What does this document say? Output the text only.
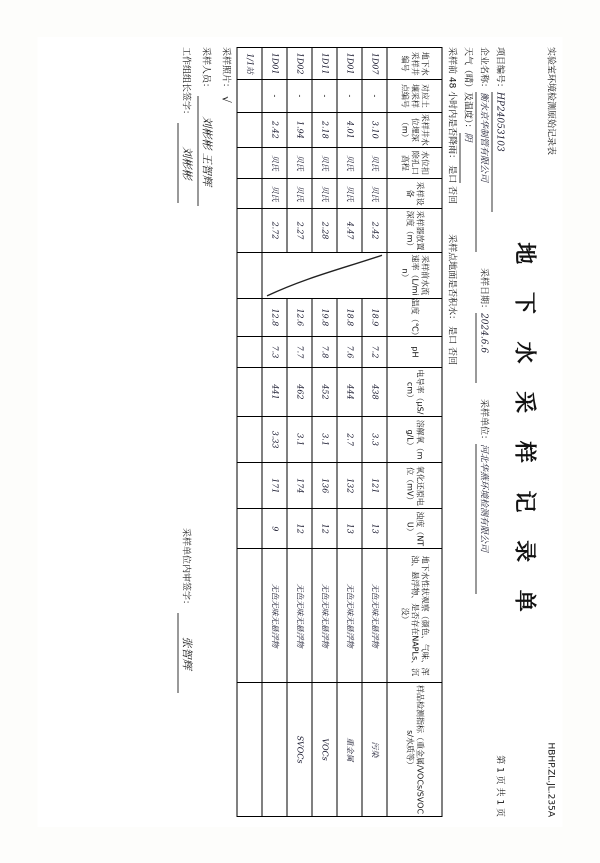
实验室环境检测原始记录表
HBHP.ZL.JL.235A
地 下 水 采 样 记 录 单
项目编号：
HP24053103
第 1 页 共 1 页
企业名称：
衡水京华制管有限公司
采样日期：
2024.6.6
采样单位：
河北华燕环境检测有限公司
天气（晴）及温度）：
阴
采样前 48 小时内是否降雨：
是口 否回
采样点地面是否积水：
是口 否回
地下水采样井编号	对应土壤采样点编号	采样井水位埋深（m）	水位扣除孔口高程	采样设备	采样器放置深度（m）	采样前水流速率（L/min）	温度（℃）	pH	电导率（μS/cm）	溶解氧（mg/L）	氧化还原电位（mV）	浊度（NTU）	地下水性状观察（颜色、气味、浑浊、悬浮物、是否存在NAPLs、沉没）	样品检测指标（重金属/VOCs/SVOCs/水质等）
1D07	-	3.10	贝氏	贝氏	2.42		18.9	7.2	438	3.3	121	13	无色无味无悬浮物	污染
1D01	-	4.01	贝氏	贝氏	4.47		18.8	7.6	444	2.7	132	13	无色无味无悬浮物	重金属
1D11	-	2.18	贝氏	贝氏	2.28		19.8	7.8	452	3.1	136	12	无色无味无悬浮物	VOCs
1D02	-	1.94	贝氏	贝氏	2.27		12.6	7.7	462	3.1	174	12	无色无味无悬浮物	SVOCs
1D01	-	2.42	贝氏	贝氏	2.72		12.8	7.3	441	3.33	171	9	无色无味无悬浮物	
1/1站														
采样照片：
√
采样人员：
刘彬彬 王智辉
工作组组长签字：
刘彬彬
采样单位内审签字：
张智辉
